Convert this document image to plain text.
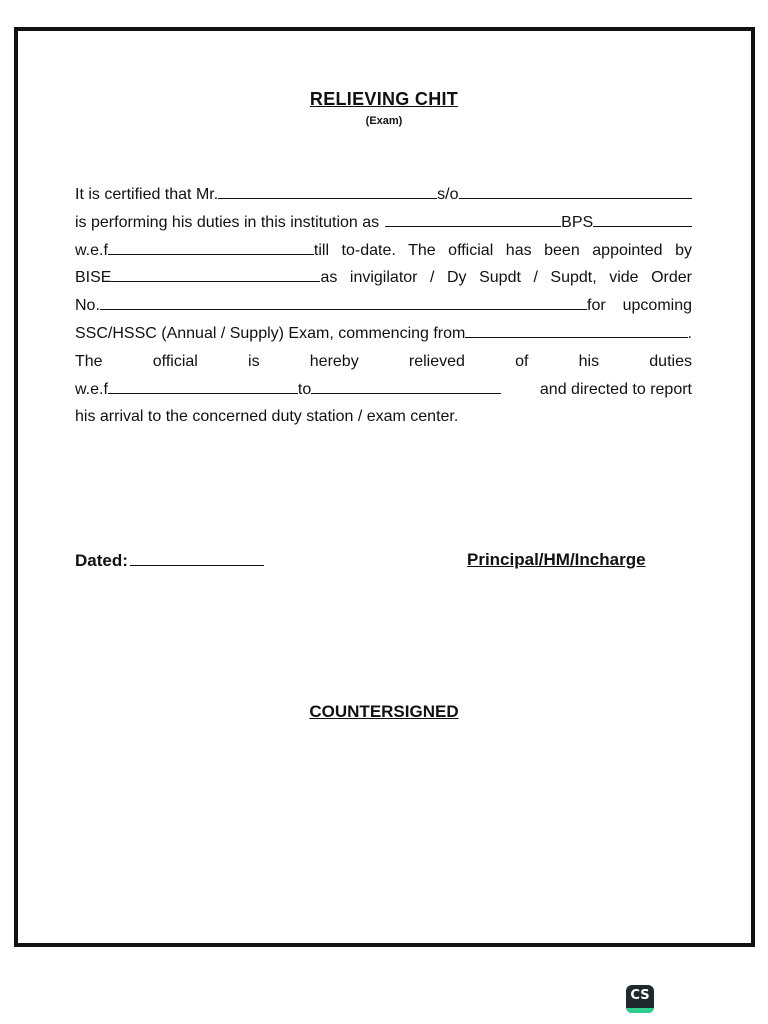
RELIEVING CHIT
(Exam)
It is certified that Mr.	s/o
is performing his duties in this institution as	BPS
w.e.f	till to-date. The official has been appointed by
BISE	as invigilator / Dy Supdt / Supdt, vide Order
No.	for upcoming
SSC/HSSC (Annual / Supply) Exam, commencing from	.
The	official	is	hereby	relieved	of	his	duties
w.e.f	to	and directed to report
his arrival to the concerned duty station / exam center.
Dated:	Principal/HM/Incharge
COUNTERSIGNED
CS
